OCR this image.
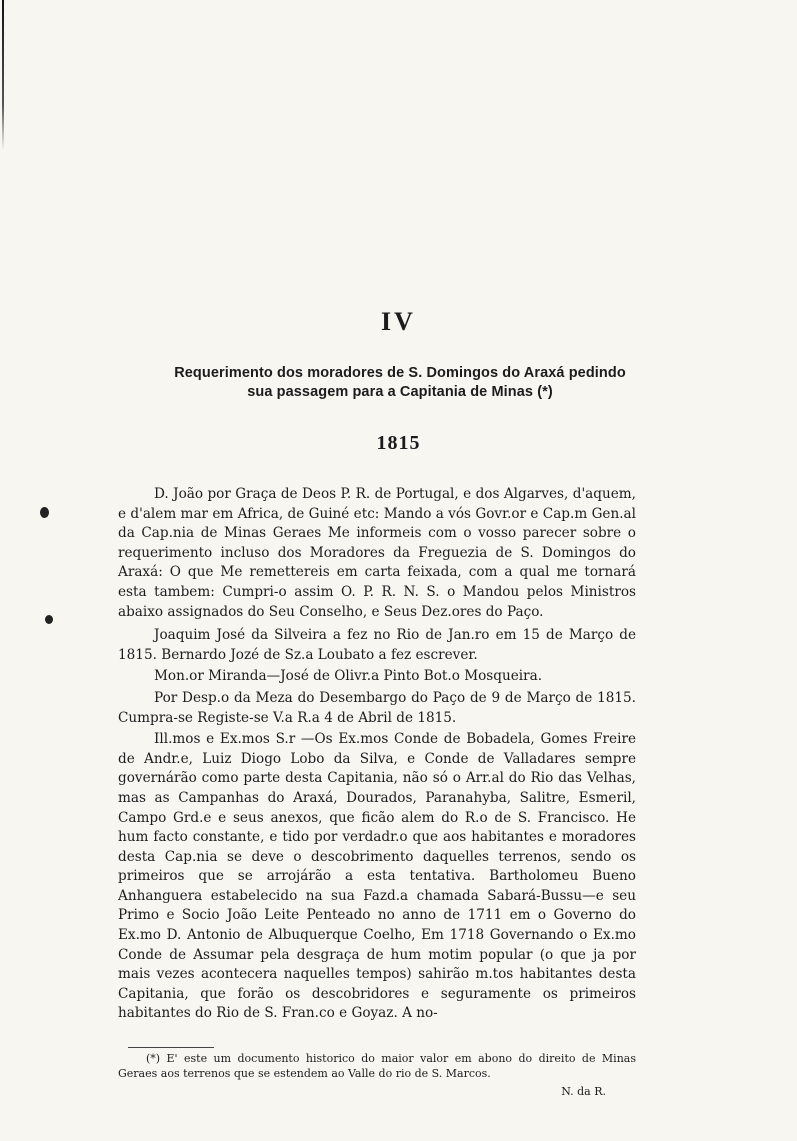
IV
Requerimento dos moradores de S. Domingos do Araxá pedindo
sua passagem para a Capitania de Minas (*)
1815

D. João por Graça de Deos P. R. de Portugal, e dos Algarves, d'aquem, e d'alem mar em Africa, de Guiné etc: Mando a vós Govr.or e Cap.m Gen.al da Cap.nia de Minas Geraes Me informeis com o vosso parecer sobre o requerimento incluso dos Moradores da Freguezia de S. Domingos do Araxá: O que Me remettereis em carta feixada, com a qual me tornará esta tambem: Cumpri-o assim O. P. R. N. S. o Mandou pelos Ministros abaixo assignados do Seu Conselho, e Seus Dez.ores do Paço.

Joaquim José da Silveira a fez no Rio de Jan.ro em 15 de Março de 1815. Bernardo Jozé de Sz.a Loubato a fez escrever.

Mon.or Miranda—José de Olivr.a Pinto Bot.o Mosqueira.

Por Desp.o da Meza do Desembargo do Paço de 9 de Março de 1815. Cumpra-se Registe-se V.a R.a 4 de Abril de 1815.

Ill.mos e Ex.mos S.r —Os Ex.mos Conde de Bobadela, Gomes Freire de Andr.e, Luiz Diogo Lobo da Silva, e Conde de Valladares sempre governárão como parte desta Capitania, não só o Arr.al do Rio das Velhas, mas as Campanhas do Araxá, Dourados, Paranahyba, Salitre, Esmeril, Campo Grd.e e seus anexos, que ficão alem do R.o de S. Francisco. He hum facto constante, e tido por verdadr.o que aos habitantes e moradores desta Cap.nia se deve o descobrimento daquelles terrenos, sendo os primeiros que se arrojárão a esta tentativa. Bartholomeu Bueno Anhanguera estabelecido na sua Fazd.a chamada Sabará-Bussu—e seu Primo e Socio João Leite Penteado no anno de 1711 em o Governo do Ex.mo D. Antonio de Albuquerque Coelho, Em 1718 Governando o Ex.mo Conde de Assumar pela desgraça de hum motim popular (o que ja por mais vezes acontecera naquelles tempos) sahirão m.tos habitantes desta Capitania, que forão os descobridores e seguramente os primeiros habitantes do Rio de S. Fran.co e Goyaz. A no-

(*) E' este um documento historico do maior valor em abono do direito de Minas Geraes aos terrenos que se estendem ao Valle do rio de S. Marcos.

N. da R.
